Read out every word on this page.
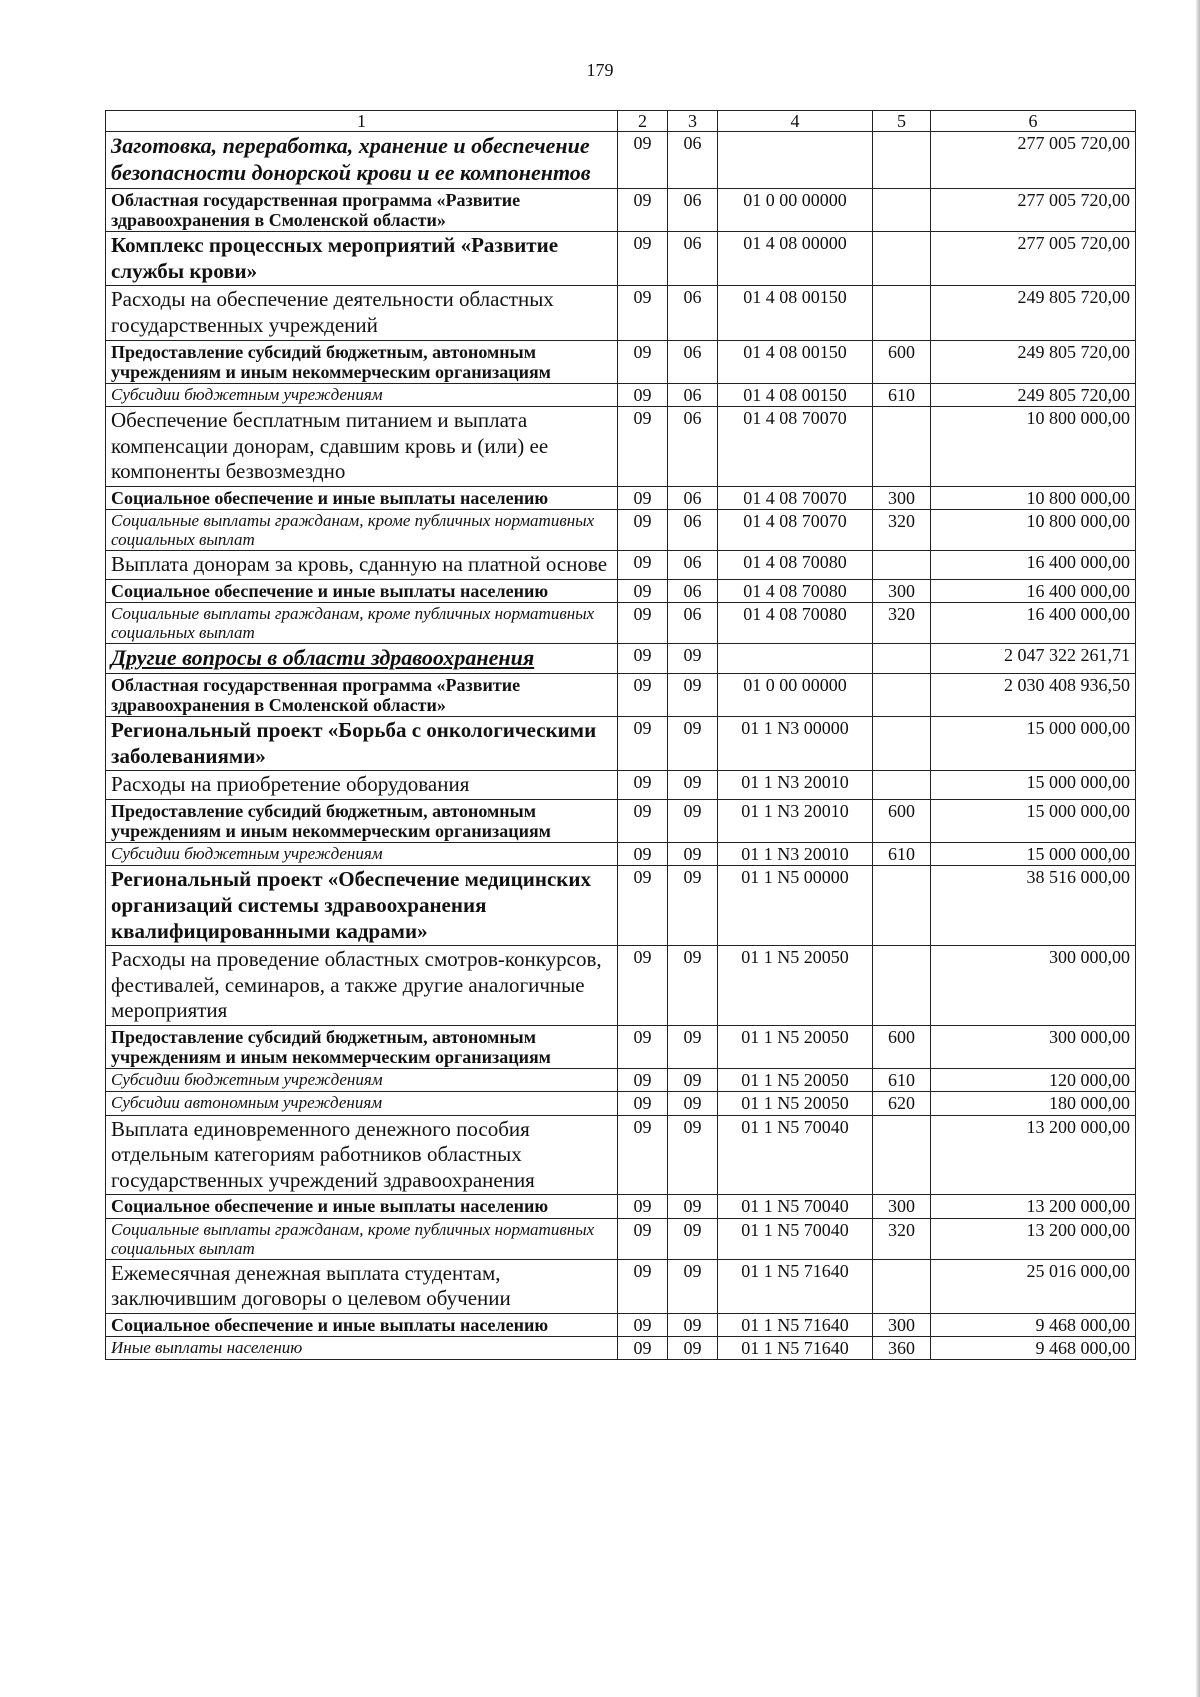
179
1	2	3	4	5	6
Заготовка, переработка, хранение и обеспечение безопасности донорской крови и ее компонентов	09	06			277 005 720,00
Областная государственная программа «Развитие здравоохранения в Смоленской области»	09	06	01 0 00 00000		277 005 720,00
Комплекс процессных мероприятий «Развитие службы крови»	09	06	01 4 08 00000		277 005 720,00
Расходы на обеспечение деятельности областных государственных учреждений	09	06	01 4 08 00150		249 805 720,00
Предоставление субсидий бюджетным, автономным учреждениям и иным некоммерческим организациям	09	06	01 4 08 00150	600	249 805 720,00
Субсидии бюджетным учреждениям	09	06	01 4 08 00150	610	249 805 720,00
Обеспечение бесплатным питанием и выплата компенсации донорам, сдавшим кровь и (или) ее компоненты безвозмездно	09	06	01 4 08 70070		10 800 000,00
Социальное обеспечение и иные выплаты населению	09	06	01 4 08 70070	300	10 800 000,00
Социальные выплаты гражданам, кроме публичных нормативных социальных выплат	09	06	01 4 08 70070	320	10 800 000,00
Выплата донорам за кровь, сданную на платной основе	09	06	01 4 08 70080		16 400 000,00
Социальное обеспечение и иные выплаты населению	09	06	01 4 08 70080	300	16 400 000,00
Социальные выплаты гражданам, кроме публичных нормативных социальных выплат	09	06	01 4 08 70080	320	16 400 000,00
Другие вопросы в области здравоохранения	09	09			2 047 322 261,71
Областная государственная программа «Развитие здравоохранения в Смоленской области»	09	09	01 0 00 00000		2 030 408 936,50
Региональный проект «Борьба с онкологическими заболеваниями»	09	09	01 1 N3 00000		15 000 000,00
Расходы на приобретение оборудования	09	09	01 1 N3 20010		15 000 000,00
Предоставление субсидий бюджетным, автономным учреждениям и иным некоммерческим организациям	09	09	01 1 N3 20010	600	15 000 000,00
Субсидии бюджетным учреждениям	09	09	01 1 N3 20010	610	15 000 000,00
Региональный проект «Обеспечение медицинских организаций системы здравоохранения квалифицированными кадрами»	09	09	01 1 N5 00000		38 516 000,00
Расходы на проведение областных смотров-конкурсов, фестивалей, семинаров, а также другие аналогичные мероприятия	09	09	01 1 N5 20050		300 000,00
Предоставление субсидий бюджетным, автономным учреждениям и иным некоммерческим организациям	09	09	01 1 N5 20050	600	300 000,00
Субсидии бюджетным учреждениям	09	09	01 1 N5 20050	610	120 000,00
Субсидии автономным учреждениям	09	09	01 1 N5 20050	620	180 000,00
Выплата единовременного денежного пособия отдельным категориям работников областных государственных учреждений здравоохранения	09	09	01 1 N5 70040		13 200 000,00
Социальное обеспечение и иные выплаты населению	09	09	01 1 N5 70040	300	13 200 000,00
Социальные выплаты гражданам, кроме публичных нормативных социальных выплат	09	09	01 1 N5 70040	320	13 200 000,00
Ежемесячная денежная выплата студентам, заключившим договоры о целевом обучении	09	09	01 1 N5 71640		25 016 000,00
Социальное обеспечение и иные выплаты населению	09	09	01 1 N5 71640	300	9 468 000,00
Иные выплаты населению	09	09	01 1 N5 71640	360	9 468 000,00
